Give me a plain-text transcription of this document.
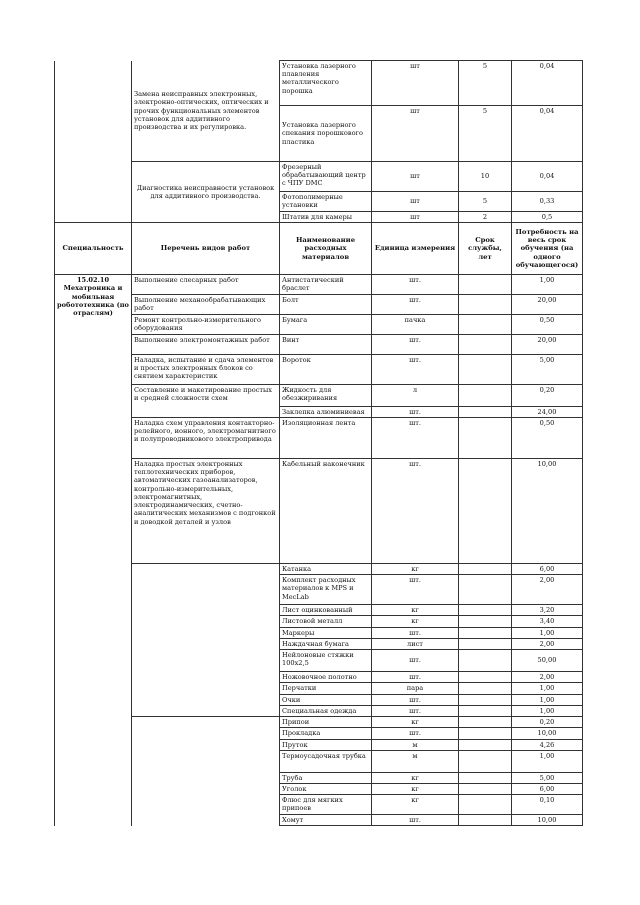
	Замена неисправных электронных, электронно-оптических, оптических и прочих функциональных элементов установок для аддитивного производства и их регулировка.	Установка лазерного плавления металлического порошка	шт	5	0,04
		Установка лазерного спекания порошкового пластика	шт	5	0,04
	Диагностика неисправности установок для аддитивного производства.	Фрезерный обрабатывающий центр с ЧПУ DMC	шт	10	0,04
		Фотополимерные установки	шт	5	0,33
		Штатив для камеры	шт	2	0,5
Специальность	Перечень видов работ	Наименование расходных материалов	Единица измерения	Срок службы, лет	Потребность на весь срок обучения (на одного обучающегося)
15.02.10 Мехатроника и мобильная робототехника (по отраслям)	Выполнение слесарных работ	Антистатический браслет	шт.		1,00
	Выполнение механообрабатывающих работ	Болт	шт.		20,00
	Ремонт контрольно-измерительного оборудования	Бумага	пачка		0,50
	Выполнение электромонтажных работ	Винт	шт.		20,00
	Наладка, испытание и сдача элементов и простых электронных блоков со снятием характеристик	Вороток	шт.		5,00
	Составление и макетирование простых и средней сложности схем	Жидкость для обезжиривания	л		0,20
		Заклепка алюминиевая	шт.		24,00
	Наладка схем управления контакторно-релейного, ионного, электромагнитного и полупроводникового электропривода	Изоляционная лента	шт.		0,50
	Наладка простых электронных теплотехнических приборов, автоматических газоанализаторов, контрольно-измерительных, электромагнитных, электродинамических, счетно-аналитических механизмов с подгонкой и доводкой деталей и узлов	Кабельный наконечник	шт.		10,00
		Катанка	кг		6,00
		Комплект расходных материалов к MPS и MecLab	шт.		2,00
		Лист оцинкованный	кг		3,20
		Листовой металл	кг		3,40
		Маркеры	шт.		1,00
		Наждачная бумага	лист		2,00
		Нейлоновые стяжки 100х2,5	шт.		50,00
		Ножовочное полотно	шт.		2,00
		Перчатки	пара		1,00
		Очки	шт.		1,00
		Специальная одежда	шт.		1,00
		Припои	кг		0,20
		Прокладка	шт.		10,00
		Пруток	м		4,26
		Термоусадочная трубка	м		1,00
		Труба	кг		5,00
		Уголок	кг		6,00
		Флюс для мягких припоев	кг		0,10
		Хомут	шт.		10,00
